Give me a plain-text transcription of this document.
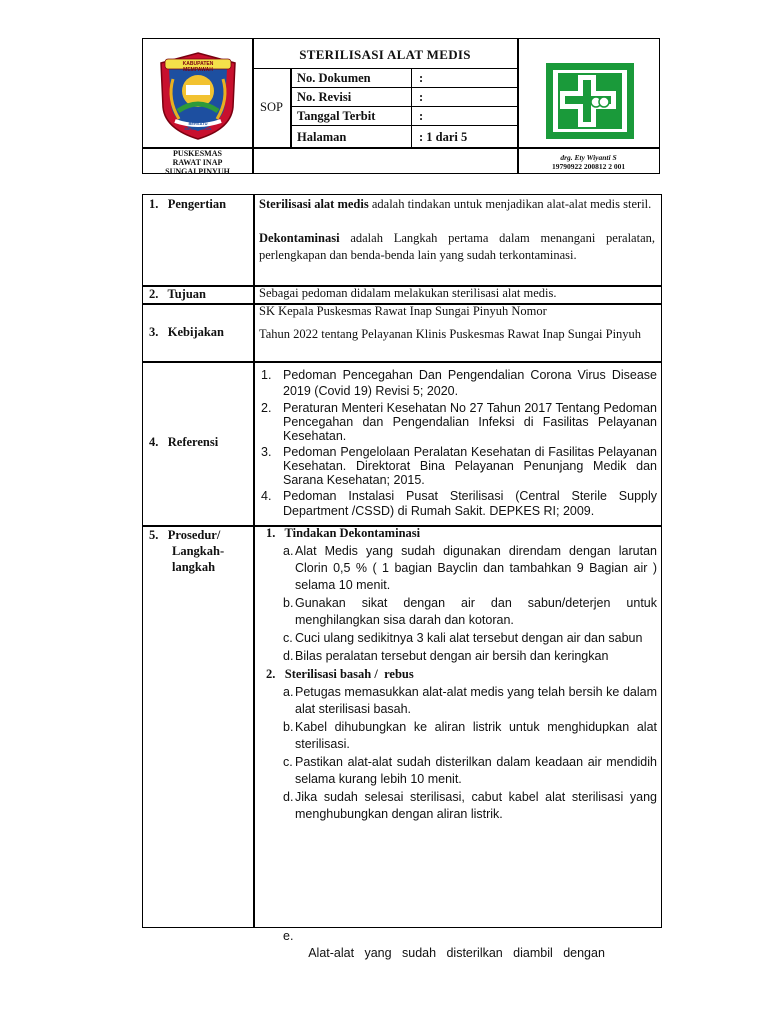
KABUPATEN MEMPAWAH
BERSATU MEMBANGUN
STERILISASI ALAT MEDIS
SOP
No. Dokumen	:
No. Revisi	:
Tanggal Terbit	:
Halaman	: 1 dari 5
PUSKESMAS
RAWAT INAP
SUNGAI PINYUH
drg. Ety Wiyanti S
19790922 200812 2 001
1.   Pengertian	Sterilisasi alat medis adalah tindakan untuk menjadikan alat-alat medis steril.
Dekontaminasi adalah Langkah pertama dalam menangani peralatan, perlengkapan dan benda-benda lain yang sudah terkontaminasi.
2.   Tujuan	Sebagai pedoman didalam melakukan sterilisasi alat medis.
3.   Kebijakan
SK Kepala Puskesmas Rawat Inap Sungai Pinyuh Nomor
Tahun 2022 tentang Pelayanan Klinis Puskesmas Rawat Inap Sungai Pinyuh
4.   Referensi
1. Pedoman Pencegahan Dan Pengendalian Corona Virus Disease 2019 (Covid 19) Revisi 5; 2020.
2. Peraturan Menteri Kesehatan No 27 Tahun 2017 Tentang Pedoman Pencegahan dan Pengendalian Infeksi di Fasilitas Pelayanan Kesehatan.
3. Pedoman Pengelolaan Peralatan Kesehatan di Fasilitas Pelayanan Kesehatan. Direktorat Bina Pelayanan Penunjang Medik dan Sarana Kesehatan; 2015.
4. Pedoman Instalasi Pusat Sterilisasi (Central Sterile Supply Department /CSSD) di Rumah Sakit. DEPKES RI; 2009.
5.   Prosedur/
Langkah-
langkah
1.   Tindakan Dekontaminasi
a. Alat Medis yang sudah digunakan direndam dengan larutan Clorin 0,5 % ( 1 bagian Bayclin dan tambahkan 9 Bagian air ) selama 10 menit.
b. Gunakan sikat dengan air dan sabun/deterjen untuk menghilangkan sisa darah dan kotoran.
c. Cuci ulang sedikitnya 3 kali alat tersebut dengan air dan sabun
d. Bilas peralatan tersebut dengan air bersih dan keringkan
2.   Sterilisasi basah /  rebus
a. Petugas memasukkan alat-alat medis yang telah bersih ke dalam alat sterilisasi basah.
b. Kabel dihubungkan ke aliran listrik untuk menghidupkan alat sterilisasi.
c. Pastikan alat-alat sudah disterilkan dalam keadaan air mendidih selama kurang lebih 10 menit.
d. Jika sudah selesai sterilisasi, cabut kabel alat sterilisasi yang menghubungkan dengan aliran listrik.

e.

Alat-alat   yang   sudah   disterilkan   diambil   dengan
